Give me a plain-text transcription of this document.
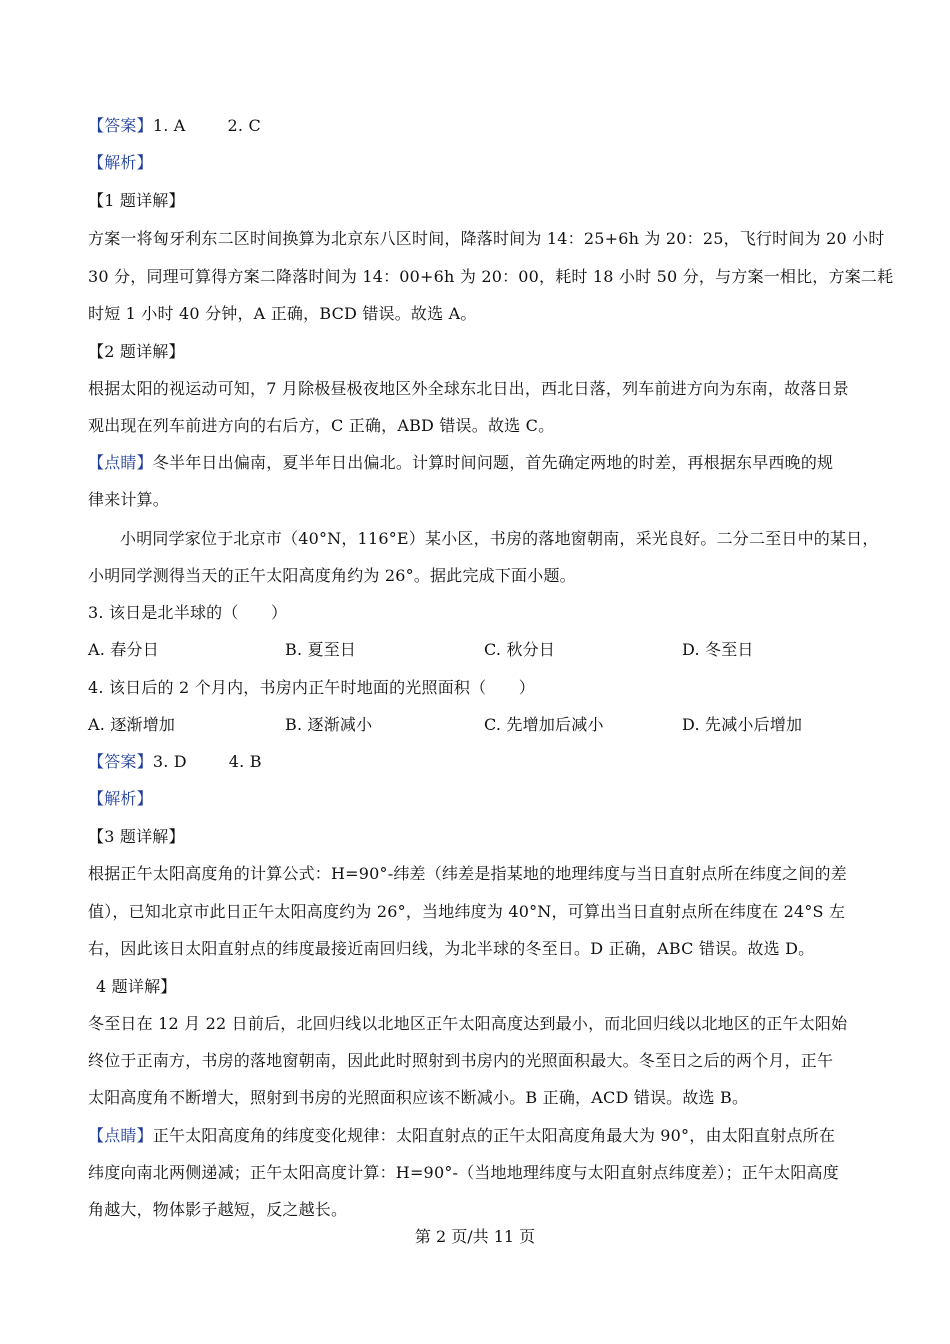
【答案】1. A	2. C
【解析】
【1 题详解】
方案一将匈牙利东二区时间换算为北京东八区时间，降落时间为 14：25+6h 为 20：25，飞行时间为 20 小时
30 分，同理可算得方案二降落时间为 14：00+6h 为 20：00，耗时 18 小时 50 分，与方案一相比，方案二耗
时短 1 小时 40 分钟，A 正确，BCD 错误。故选 A。
【2 题详解】
根据太阳的视运动可知，7 月除极昼极夜地区外全球东北日出，西北日落，列车前进方向为东南，故落日景
观出现在列车前进方向的右后方，C 正确，ABD 错误。故选 C。
【点睛】冬半年日出偏南，夏半年日出偏北。计算时间问题，首先确定两地的时差，再根据东早西晚的规
律来计算。
小明同学家位于北京市（40°N，116°E）某小区，书房的落地窗朝南，采光良好。二分二至日中的某日，
小明同学测得当天的正午太阳高度角约为 26°。据此完成下面小题。
3. 该日是北半球的（　　）
A. 春分日	B. 夏至日	C. 秋分日	D. 冬至日
4. 该日后的 2 个月内，书房内正午时地面的光照面积（　　）
A. 逐渐增加	B. 逐渐减小	C. 先增加后减小	D. 先减小后增加
【答案】3. D	4. B
【解析】
【3 题详解】
根据正午太阳高度角的计算公式：H=90°-纬差（纬差是指某地的地理纬度与当日直射点所在纬度之间的差
值），已知北京市此日正午太阳高度约为 26°，当地纬度为 40°N，可算出当日直射点所在纬度在 24°S 左
右，因此该日太阳直射点的纬度最接近南回归线，为北半球的冬至日。D 正确，ABC 错误。故选 D。
4 题详解】
冬至日在 12 月 22 日前后，北回归线以北地区正午太阳高度达到最小，而北回归线以北地区的正午太阳始
终位于正南方，书房的落地窗朝南，因此此时照射到书房内的光照面积最大。冬至日之后的两个月，正午
太阳高度角不断增大，照射到书房的光照面积应该不断减小。B 正确，ACD 错误。故选 B。
【点睛】正午太阳高度角的纬度变化规律：太阳直射点的正午太阳高度角最大为 90°，由太阳直射点所在
纬度向南北两侧递减；正午太阳高度计算：H=90°-（当地地理纬度与太阳直射点纬度差）；正午太阳高度
角越大，物体影子越短，反之越长。
第 2 页/共 11 页
